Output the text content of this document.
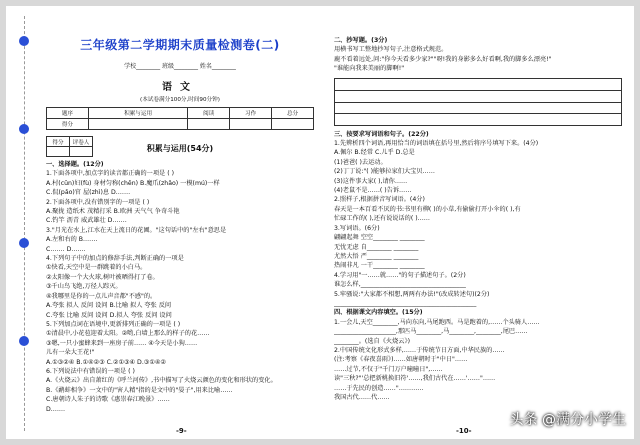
三年级第二学期期末质量检测卷(二)
学校________ 班级________ 姓名________
语文
(本试卷满分100分,时间90分钟)
题序	积累与运用	阅读	习作	总分
得分				
得分	评卷人

积累与运用(54分)
一、选择题。(12分)
1.下面各项中,加点字的读音都正确的一项是 ( )
A.村(cūn)妇(fù) 身材匀称(chēn) B.魔爪(zhǎo) 一模(mú)一样
C.侃(pǎo)官 屋(zhì)息 D.……
2.下面各项中,没有错别字的一项是 ( )
A.聚拢 造纸术 茂精打采 B.欧洲 天气气 争奇斗艳
C.钓竿 沥青 威武雄壮 D.……
3."月光在水上,江水在天上流日的花圃。"这句话中的"左右"意思是
A.左和右的 B.……
C.…… D.……
4.下列句子中的加点的修辞手法,判断正确的一项是
①快看,天空中是一群跳着的小白马。
②太阳像一个大火球,树叶被晒得打了卷。
③千山鸟飞绝,万径人踪灭。
④我哪里是你的一点儿声音都"不感"的。
A.夸张 拟人 反问 设问 B.比喻 拟人 夸张 反问
C.夸张 比喻 反问 设问 D.拟人 夸张 反问 设问
5.下列加点词在语境中,更新排列正确的一项是 ( )
①清晨中,小花苞迎着太阳。②哟,白墙上那么的样子的花……
③嗯,一只小蜜蜂来到一座房子前…… ④今天是小狗……
儿有一朵大王花!"
A.①③②④ B.①④②③ C.②①③④ D.③①④②
6.下列说法中有错误的一项是 ( )
A.《火烧云》出自萧红的《呼兰河传》,书中描写了火烧云颜色的变化和形状的变化。
B.《鹬蚌相争》一文中的"害人精"指的是文中的"晏子",用来比喻……
C.唐朝诗人朱子的诗歌《惠崇春江晚景》……
D.……
-9-
二、抄写题。(3分)
用横书写工整地抄写句子,注意格式规范。
鹿不看着远处,问:"你今天看多少家?""呀!我的身影多么好看啊,我的脚多么漂亮!"
"谁能向我来美丽的脚啊!"
三、按要求写词语和句子。(22分)
1.先辨析四个词语,再用恰当的词语填在括号里,然后将序号填写下来。(4分)
A.佩尔 B.经常 C.儿乎 D.总是
(1)爸爸( )去运动。
(2)丁丁说:"( )能够拉家们大宝贝……
(3)这件事大家( ),请你……
(4)老鼠不是……( )告诉……
2.照样子,根据拼音写词语。(4分)
春天是一本百看不厌的书:书里有柳( )的小草,有偷偷打开小伞的( ),有
忙碌工作的( ),还有说说话的( )……
3.写词语。(6分)
翩翩起舞 空空________ ________
无忧无虑 自________ ________
尤然大悟 严________ ________
热闹非凡 一干________ ________
4.学习用"一……就……"的句子描述句子。(2分)
谁怎么样,__________________________________
5.牢骚说:"大家都不相想,两两有办法!"(改成转述句)(2分)
______________________________________________
四、根据课文内容填空。(15分)
1.一会儿,天空________,马向东向,马尾跑西。马是跑着的,……个头骑人……
____________________,那匹马________,马________,________,尾巴……
________。(选自《火烧云》)
2.中国传统文化形式多样,……于传统节日方面,中华民族的……
(注:考察《春夜喜雨》)……如唐朝时于"中日"……
……过节,不仅于"千门万户曈曈日",……
读"三秋?"'总把新桃换旧符'……,我们古代在……'……"……
……于先民的创造……"…………
我国古代……代……
-10-
头条 @满分小学生
